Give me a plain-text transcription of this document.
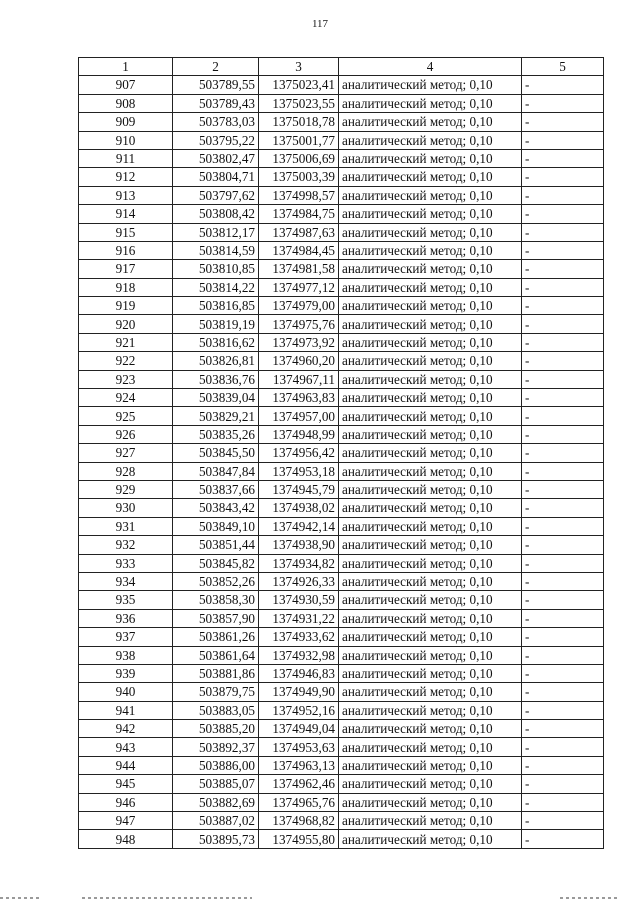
117
1	2	3	4	5
907	503789,55	1375023,41	аналитический метод; 0,10	-
908	503789,43	1375023,55	аналитический метод; 0,10	-
909	503783,03	1375018,78	аналитический метод; 0,10	-
910	503795,22	1375001,77	аналитический метод; 0,10	-
911	503802,47	1375006,69	аналитический метод; 0,10	-
912	503804,71	1375003,39	аналитический метод; 0,10	-
913	503797,62	1374998,57	аналитический метод; 0,10	-
914	503808,42	1374984,75	аналитический метод; 0,10	-
915	503812,17	1374987,63	аналитический метод; 0,10	-
916	503814,59	1374984,45	аналитический метод; 0,10	-
917	503810,85	1374981,58	аналитический метод; 0,10	-
918	503814,22	1374977,12	аналитический метод; 0,10	-
919	503816,85	1374979,00	аналитический метод; 0,10	-
920	503819,19	1374975,76	аналитический метод; 0,10	-
921	503816,62	1374973,92	аналитический метод; 0,10	-
922	503826,81	1374960,20	аналитический метод; 0,10	-
923	503836,76	1374967,11	аналитический метод; 0,10	-
924	503839,04	1374963,83	аналитический метод; 0,10	-
925	503829,21	1374957,00	аналитический метод; 0,10	-
926	503835,26	1374948,99	аналитический метод; 0,10	-
927	503845,50	1374956,42	аналитический метод; 0,10	-
928	503847,84	1374953,18	аналитический метод; 0,10	-
929	503837,66	1374945,79	аналитический метод; 0,10	-
930	503843,42	1374938,02	аналитический метод; 0,10	-
931	503849,10	1374942,14	аналитический метод; 0,10	-
932	503851,44	1374938,90	аналитический метод; 0,10	-
933	503845,82	1374934,82	аналитический метод; 0,10	-
934	503852,26	1374926,33	аналитический метод; 0,10	-
935	503858,30	1374930,59	аналитический метод; 0,10	-
936	503857,90	1374931,22	аналитический метод; 0,10	-
937	503861,26	1374933,62	аналитический метод; 0,10	-
938	503861,64	1374932,98	аналитический метод; 0,10	-
939	503881,86	1374946,83	аналитический метод; 0,10	-
940	503879,75	1374949,90	аналитический метод; 0,10	-
941	503883,05	1374952,16	аналитический метод; 0,10	-
942	503885,20	1374949,04	аналитический метод; 0,10	-
943	503892,37	1374953,63	аналитический метод; 0,10	-
944	503886,00	1374963,13	аналитический метод; 0,10	-
945	503885,07	1374962,46	аналитический метод; 0,10	-
946	503882,69	1374965,76	аналитический метод; 0,10	-
947	503887,02	1374968,82	аналитический метод; 0,10	-
948	503895,73	1374955,80	аналитический метод; 0,10	-
